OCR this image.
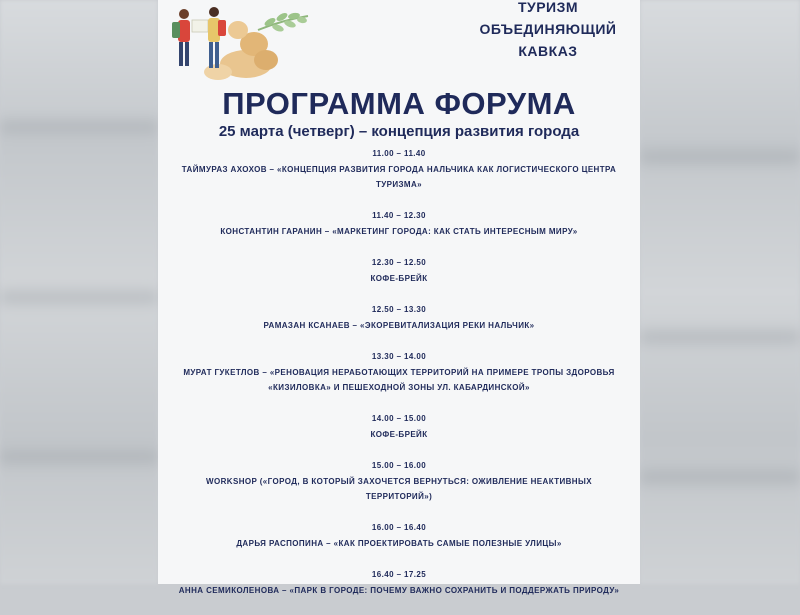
ТУРИЗМ
ОБЪЕДИНЯЮЩИЙ
КАВКАЗ
ПРОГРАММА ФОРУМА
25 марта (четверг) – концепция развития города
11.00 – 11.40
ТАЙМУРАЗ АХОХОВ – «КОНЦЕПЦИЯ РАЗВИТИЯ ГОРОДА НАЛЬЧИКА КАК ЛОГИСТИЧЕСКОГО ЦЕНТРА ТУРИЗМА»
11.40 – 12.30
КОНСТАНТИН ГАРАНИН – «МАРКЕТИНГ ГОРОДА: КАК СТАТЬ ИНТЕРЕСНЫМ МИРУ»
12.30 – 12.50
КОФЕ-БРЕЙК
12.50 – 13.30
РАМАЗАН КСАНАЕВ – «ЭКОРЕВИТАЛИЗАЦИЯ РЕКИ НАЛЬЧИК»
13.30 – 14.00
МУРАТ ГУКЕТЛОВ – «РЕНОВАЦИЯ НЕРАБОТАЮЩИХ ТЕРРИТОРИЙ НА ПРИМЕРЕ ТРОПЫ ЗДОРОВЬЯ «КИЗИЛОВКА» И ПЕШЕХОДНОЙ ЗОНЫ УЛ. КАБАРДИНСКОЙ»
14.00 – 15.00
КОФЕ-БРЕЙК
15.00 – 16.00
WORKSHOP («ГОРОД, В КОТОРЫЙ ЗАХОЧЕТСЯ ВЕРНУТЬСЯ: ОЖИВЛЕНИЕ НЕАКТИВНЫХ ТЕРРИТОРИЙ»)
16.00 – 16.40
ДАРЬЯ РАСПОПИНА – «КАК ПРОЕКТИРОВАТЬ САМЫЕ ПОЛЕЗНЫЕ УЛИЦЫ»
16.40 – 17.25
АННА СЕМИКОЛЕНОВА – «ПАРК В ГОРОДЕ: ПОЧЕМУ ВАЖНО СОХРАНИТЬ И ПОДДЕРЖАТЬ ПРИРОДУ»
